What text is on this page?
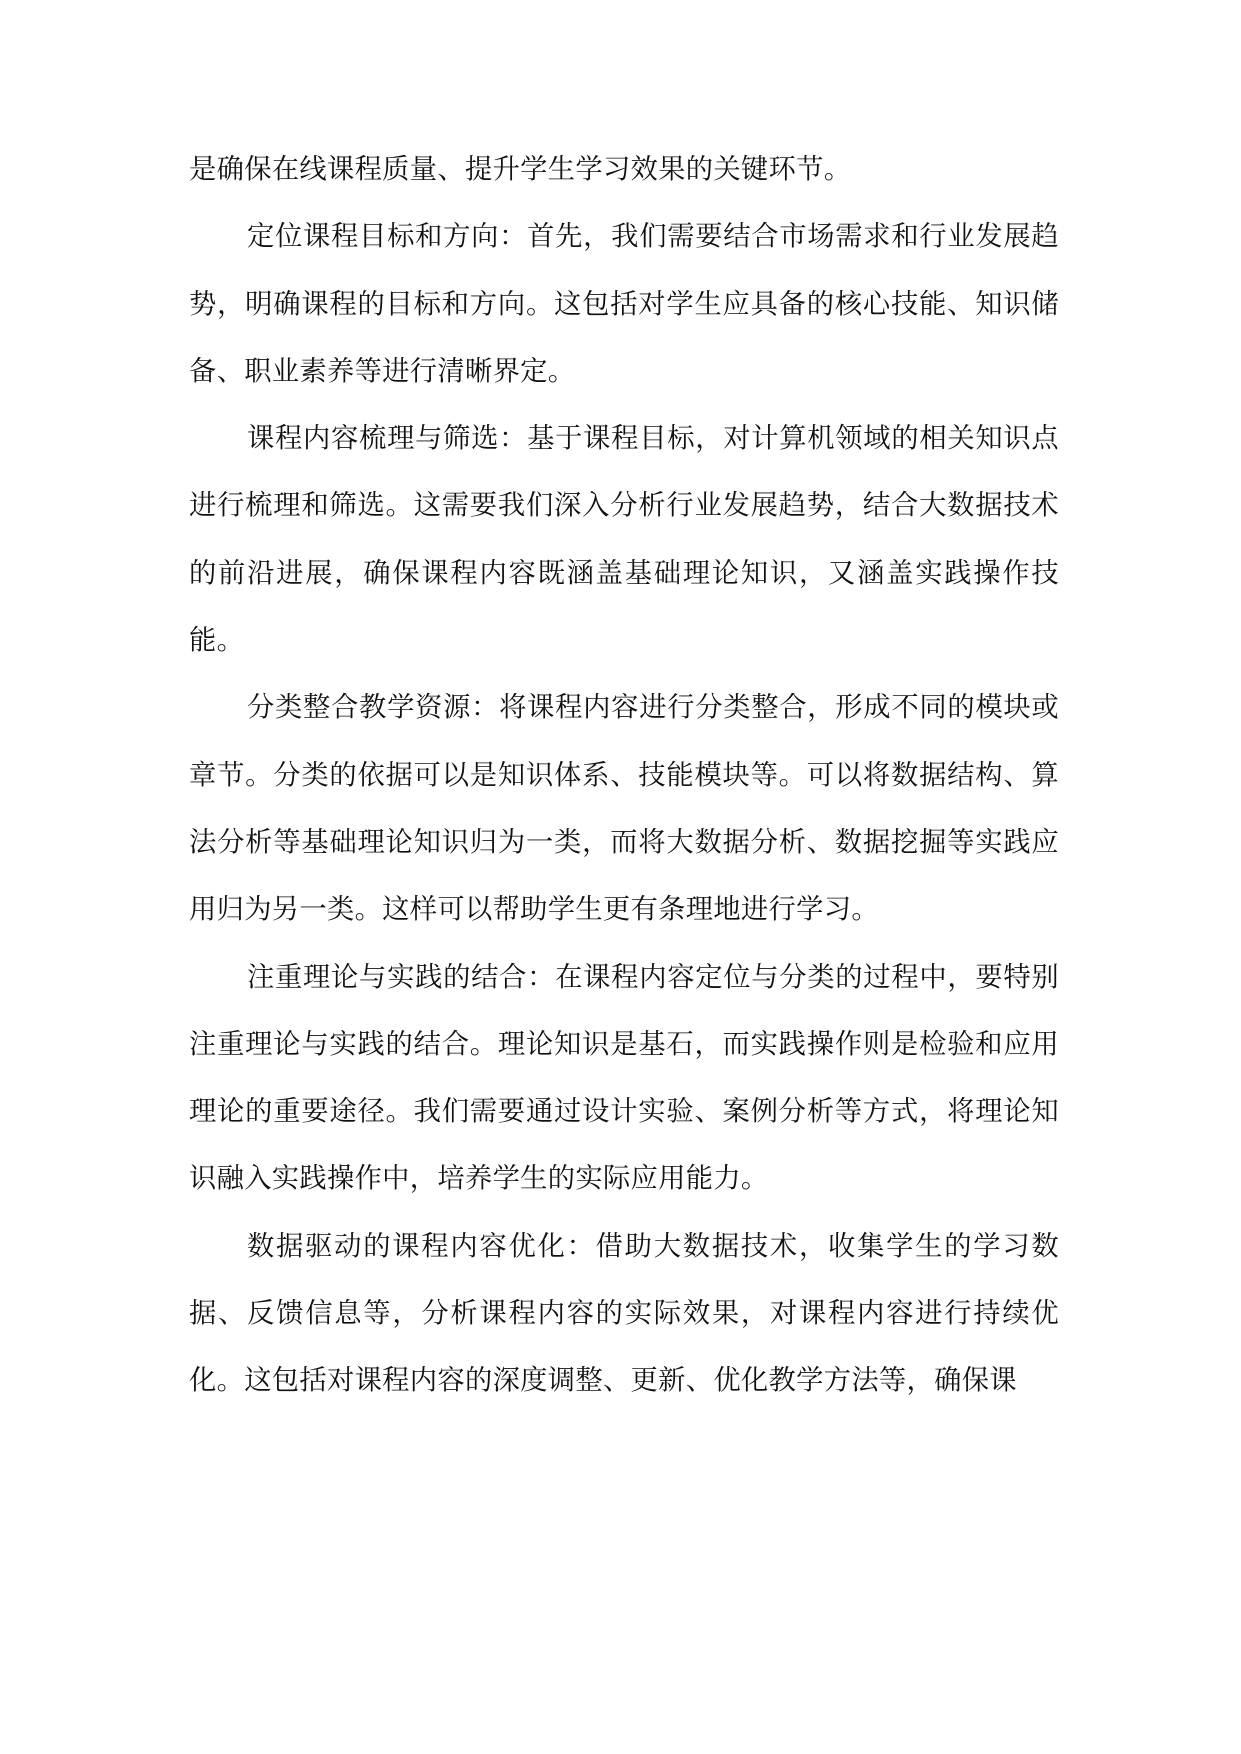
是确保在线课程质量、提升学生学习效果的关键环节。

定位课程目标和方向：首先，我们需要结合市场需求和行业发展趋势，明确课程的目标和方向。这包括对学生应具备的核心技能、知识储备、职业素养等进行清晰界定。

课程内容梳理与筛选：基于课程目标，对计算机领域的相关知识点进行梳理和筛选。这需要我们深入分析行业发展趋势，结合大数据技术的前沿进展，确保课程内容既涵盖基础理论知识，又涵盖实践操作技能。

分类整合教学资源：将课程内容进行分类整合，形成不同的模块或章节。分类的依据可以是知识体系、技能模块等。可以将数据结构、算法分析等基础理论知识归为一类，而将大数据分析、数据挖掘等实践应用归为另一类。这样可以帮助学生更有条理地进行学习。

注重理论与实践的结合：在课程内容定位与分类的过程中，要特别注重理论与实践的结合。理论知识是基石，而实践操作则是检验和应用理论的重要途径。我们需要通过设计实验、案例分析等方式，将理论知识融入实践操作中，培养学生的实际应用能力。

数据驱动的课程内容优化：借助大数据技术，收集学生的学习数据、反馈信息等，分析课程内容的实际效果，对课程内容进行持续优化。这包括对课程内容的深度调整、更新、优化教学方法等，确保课
